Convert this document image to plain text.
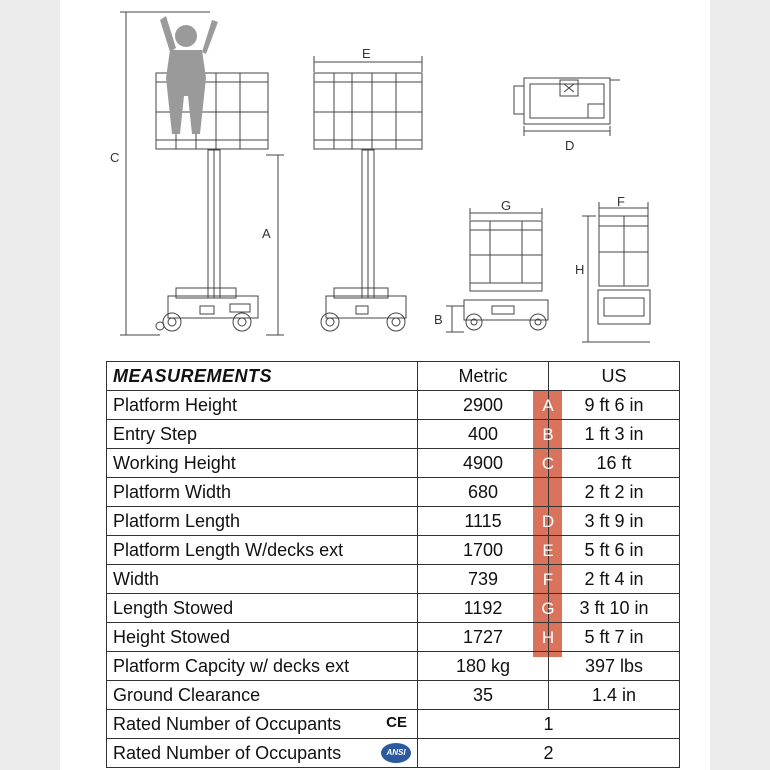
C
A
E
D
G	F
H
B
MEASUREMENTS	Metric	US
Platform Height	2900 A	9 ft 6 in
Entry Step	400 B	1 ft 3 in
Working Height	4900 C	16 ft
Platform Width	680	2 ft 2 in
Platform Length	1115 D	3 ft 9 in
Platform Length W/decks ext	1700 E	5 ft 6 in
Width	739 F	2 ft 4 in
Length Stowed	1192 G	3 ft 10 in
Height Stowed	1727 H	5 ft 7 in
Platform Capcity w/ decks ext	180 kg	397 lbs
Ground Clearance	35	1.4 in
Rated Number of Occupants CE	1	
Rated Number of Occupants ANSI	2	
